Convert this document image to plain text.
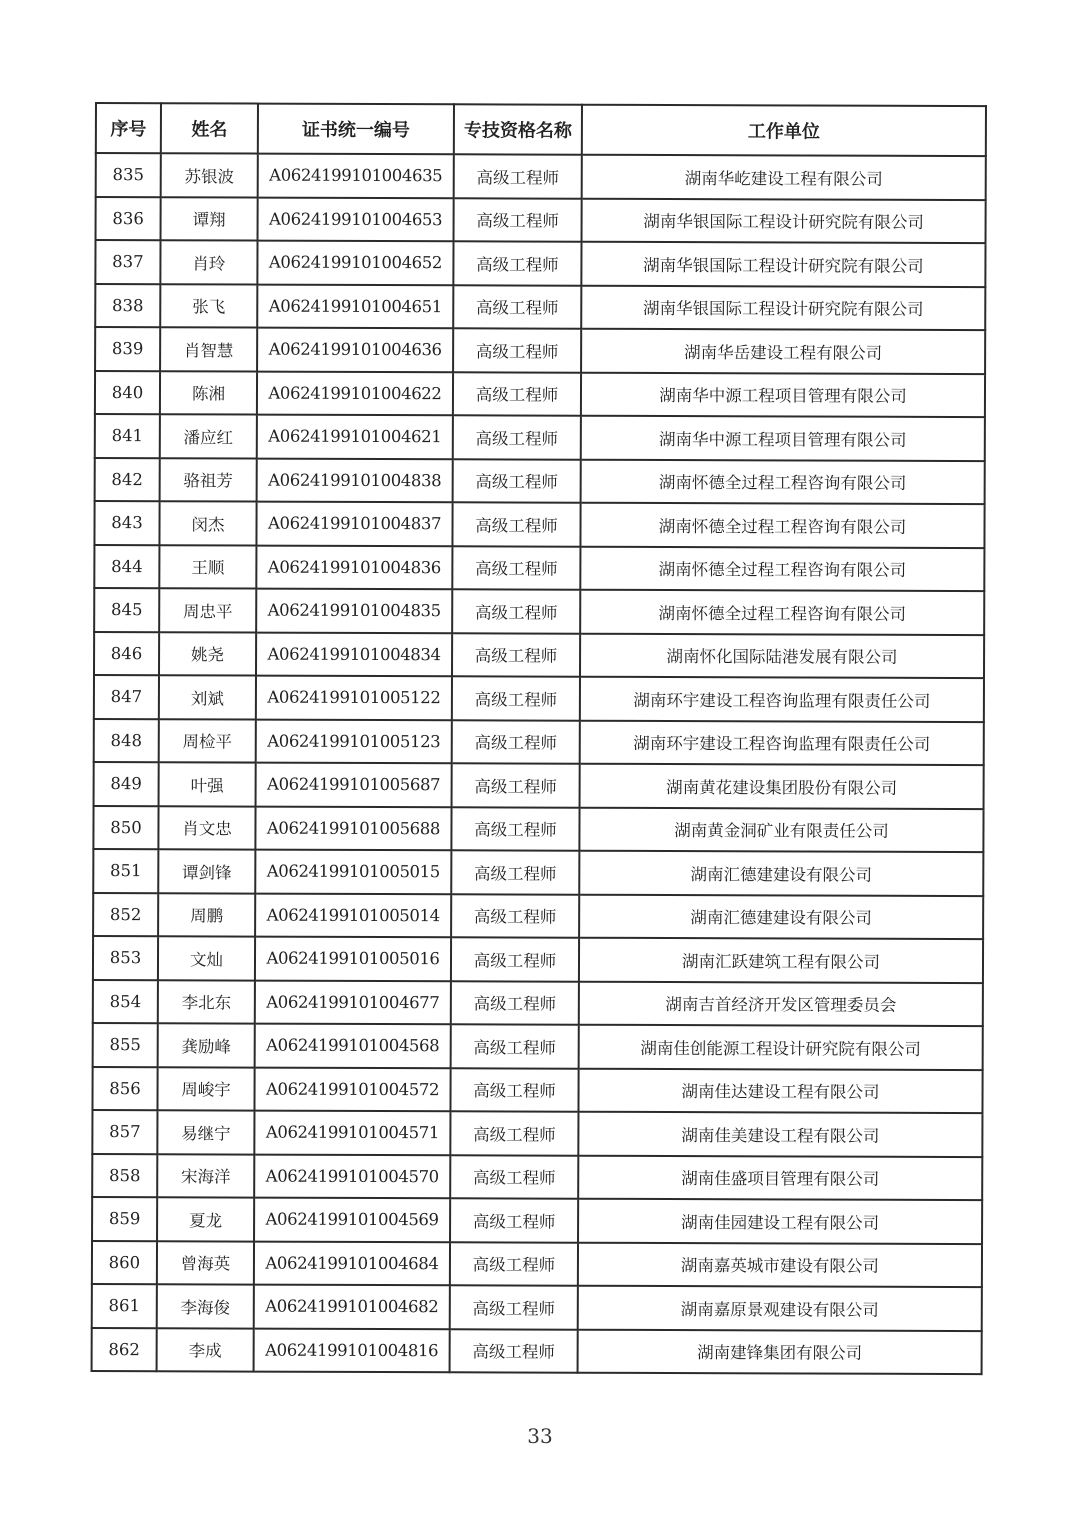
序号	姓名	证书统一编号	专技资格名称	工作单位
835	苏银波	A0624199101004635	高级工程师	湖南华屹建设工程有限公司
836	谭翔	A0624199101004653	高级工程师	湖南华银国际工程设计研究院有限公司
837	肖玲	A0624199101004652	高级工程师	湖南华银国际工程设计研究院有限公司
838	张飞	A0624199101004651	高级工程师	湖南华银国际工程设计研究院有限公司
839	肖智慧	A0624199101004636	高级工程师	湖南华岳建设工程有限公司
840	陈湘	A0624199101004622	高级工程师	湖南华中源工程项目管理有限公司
841	潘应红	A0624199101004621	高级工程师	湖南华中源工程项目管理有限公司
842	骆祖芳	A0624199101004838	高级工程师	湖南怀德全过程工程咨询有限公司
843	闵杰	A0624199101004837	高级工程师	湖南怀德全过程工程咨询有限公司
844	王顺	A0624199101004836	高级工程师	湖南怀德全过程工程咨询有限公司
845	周忠平	A0624199101004835	高级工程师	湖南怀德全过程工程咨询有限公司
846	姚尧	A0624199101004834	高级工程师	湖南怀化国际陆港发展有限公司
847	刘斌	A0624199101005122	高级工程师	湖南环宇建设工程咨询监理有限责任公司
848	周检平	A0624199101005123	高级工程师	湖南环宇建设工程咨询监理有限责任公司
849	叶强	A0624199101005687	高级工程师	湖南黄花建设集团股份有限公司
850	肖文忠	A0624199101005688	高级工程师	湖南黄金洞矿业有限责任公司
851	谭剑锋	A0624199101005015	高级工程师	湖南汇德建建设有限公司
852	周鹏	A0624199101005014	高级工程师	湖南汇德建建设有限公司
853	文灿	A0624199101005016	高级工程师	湖南汇跃建筑工程有限公司
854	李北东	A0624199101004677	高级工程师	湖南吉首经济开发区管理委员会
855	龚励峰	A0624199101004568	高级工程师	湖南佳创能源工程设计研究院有限公司
856	周峻宇	A0624199101004572	高级工程师	湖南佳达建设工程有限公司
857	易继宁	A0624199101004571	高级工程师	湖南佳美建设工程有限公司
858	宋海洋	A0624199101004570	高级工程师	湖南佳盛项目管理有限公司
859	夏龙	A0624199101004569	高级工程师	湖南佳园建设工程有限公司
860	曾海英	A0624199101004684	高级工程师	湖南嘉英城市建设有限公司
861	李海俊	A0624199101004682	高级工程师	湖南嘉原景观建设有限公司
862	李成	A0624199101004816	高级工程师	湖南建锋集团有限公司
33
